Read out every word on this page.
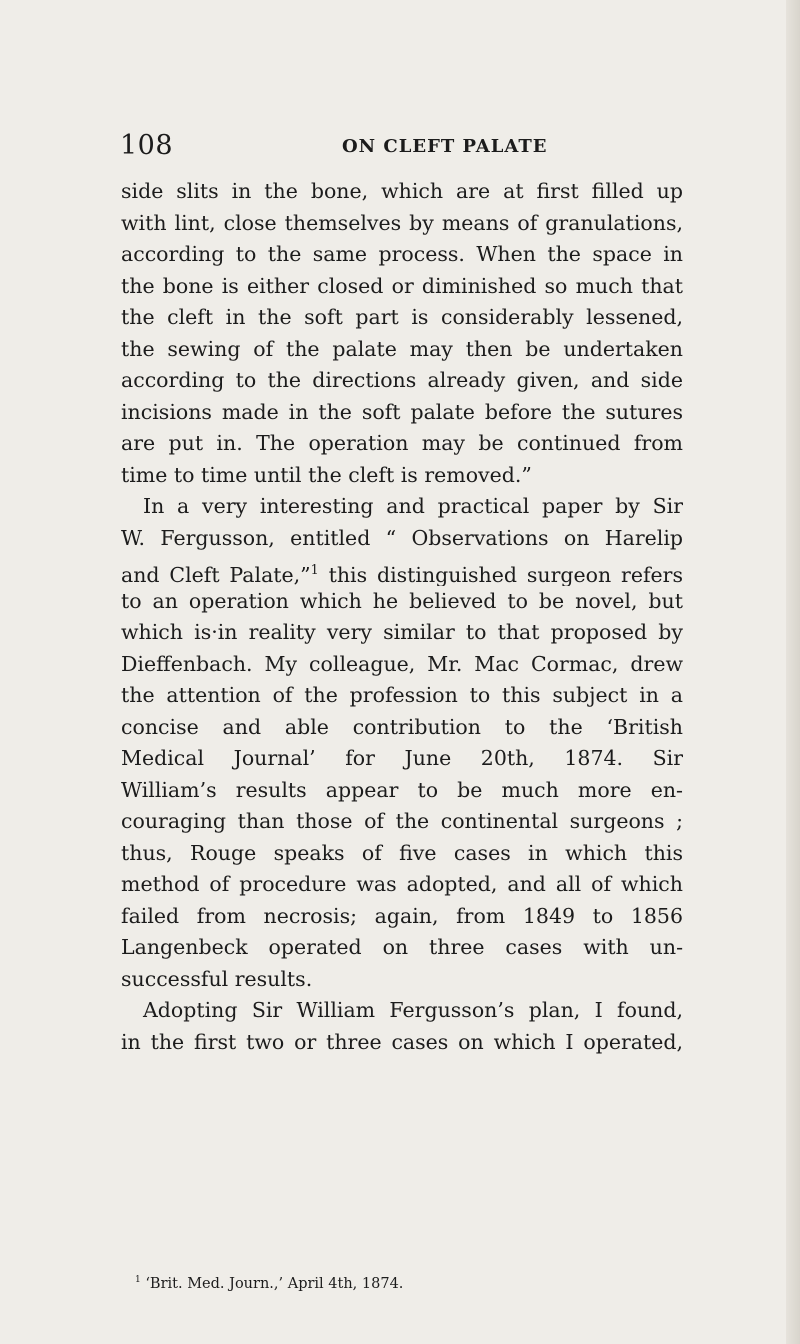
108	ON CLEFT PALATE
side slits in the bone, which are at first filled up
with lint, close themselves by means of granulations,
according to the same process. When the space in
the bone is either closed or diminished so much that
the cleft in the soft part is considerably lessened,
the sewing of the palate may then be undertaken
according to the directions already given, and side
incisions made in the soft palate before the sutures
are put in. The operation may be continued from
time to time until the cleft is removed.”
In a very interesting and practical paper by Sir
W. Fergusson, entitled “ Observations on Harelip
and Cleft Palate,”$^1$ this distinguished surgeon refers
to an operation which he believed to be novel, but
which is·in reality very similar to that proposed by
Dieffenbach. My colleague, Mr. Mac Cormac, drew
the attention of the profession to this subject in a
concise and able contribution to the ‘British
Medical Journal’ for June 20th, 1874. Sir
William’s results appear to be much more en-
couraging than those of the continental surgeons ;
thus, Rouge speaks of five cases in which this
method of procedure was adopted, and all of which
failed from necrosis; again, from 1849 to 1856
Langenbeck operated on three cases with un-
successful results.
Adopting Sir William Fergusson’s plan, I found,
in the first two or three cases on which I operated,
$^1$ ‘Brit. Med. Journ.,’ April 4th, 1874.
